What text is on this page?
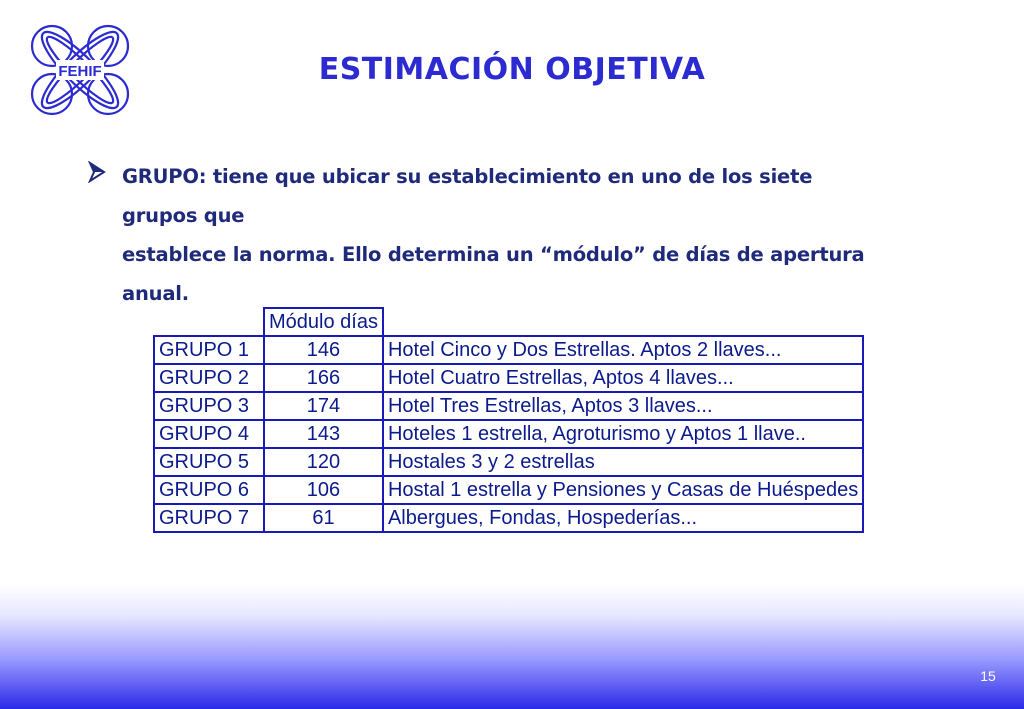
FEHIF	ESTIMACIÓN OBJETIVA
GRUPO: tiene que ubicar su establecimiento en uno de los siete grupos que
establece la norma. Ello determina un “módulo” de días de apertura anual.
	Módulo días	
GRUPO 1	146	Hotel Cinco y Dos Estrellas. Aptos 2 llaves...
GRUPO 2	166	Hotel Cuatro Estrellas, Aptos 4 llaves...
GRUPO 3	174	Hotel Tres Estrellas, Aptos 3 llaves...
GRUPO 4	143	Hoteles 1 estrella, Agroturismo y Aptos 1 llave..
GRUPO 5	120	Hostales 3 y 2 estrellas
GRUPO 6	106	Hostal 1 estrella y Pensiones y Casas de Huéspedes
GRUPO 7	61	Albergues, Fondas, Hospederías...
15
